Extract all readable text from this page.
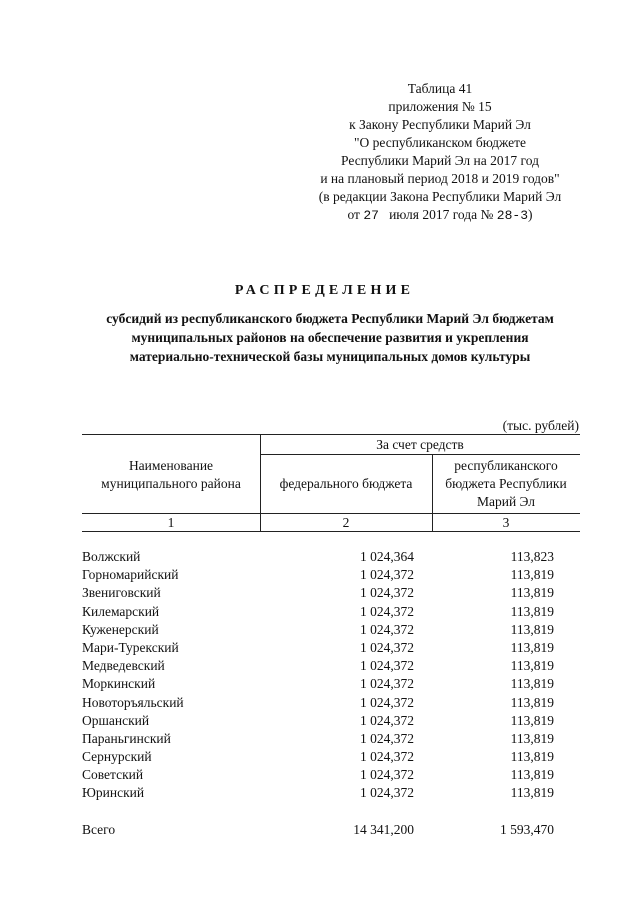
Таблица 41
приложения № 15
к Закону Республики Марий Эл
"О республиканском бюджете
Республики Марий Эл на 2017 год
и на плановый период 2018 и 2019 годов"
(в редакции Закона Республики Марий Эл
от 27 июля 2017 года № 28-3)
РАСПРЕДЕЛЕНИЕ
субсидий из республиканского бюджета Республики Марий Эл бюджетам
муниципальных районов на обеспечение развития и укрепления
материально-технической базы муниципальных домов культуры
(тыс. рублей)
Наименование
муниципального района
За счет средств
федерального бюджета
республиканского
бюджета Республики
Марий Эл
1	2	3
Волжский	1 024,364	113,823
Горномарийский	1 024,372	113,819
Звениговский	1 024,372	113,819
Килемарский	1 024,372	113,819
Куженерский	1 024,372	113,819
Мари-Турекский	1 024,372	113,819
Медведевский	1 024,372	113,819
Моркинский	1 024,372	113,819
Новоторъяльский	1 024,372	113,819
Оршанский	1 024,372	113,819
Параньгинский	1 024,372	113,819
Сернурский	1 024,372	113,819
Советский	1 024,372	113,819
Юринский	1 024,372	113,819
Всего	14 341,200	1 593,470
